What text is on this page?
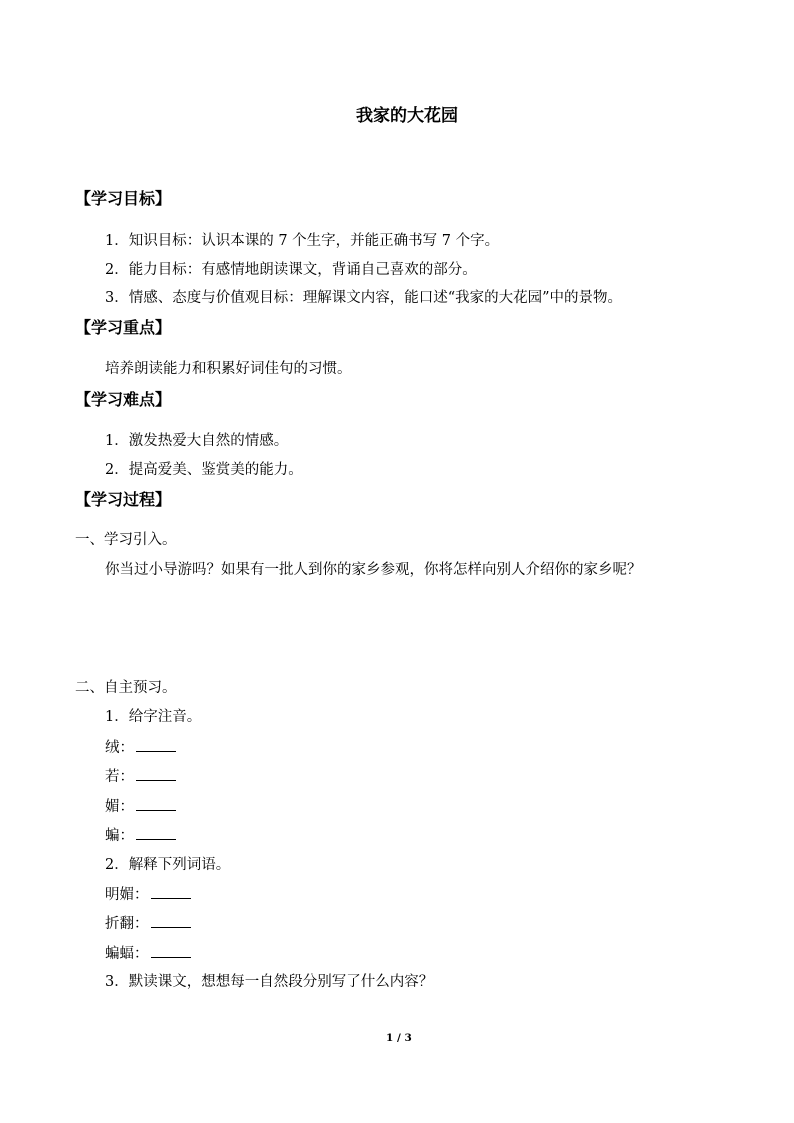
我家的大花园
【学习目标】
1．知识目标：认识本课的 7 个生字，并能正确书写 7 个字。
2．能力目标：有感情地朗读课文，背诵自己喜欢的部分。
3．情感、态度与价值观目标：理解课文内容，能口述“我家的大花园”中的景物。
【学习重点】
培养朗读能力和积累好词佳句的习惯。
【学习难点】
1．激发热爱大自然的情感。
2．提高爱美、鉴赏美的能力。
【学习过程】
一、学习引入。
你当过小导游吗？如果有一批人到你的家乡参观，你将怎样向别人介绍你的家乡呢？
二、自主预习。
1．给字注音。
绒：
若：
媚：
蝙：
2．解释下列词语。
明媚：
折翻：
蝙蝠：
3．默读课文，想想每一自然段分别写了什么内容？
1 / 3
